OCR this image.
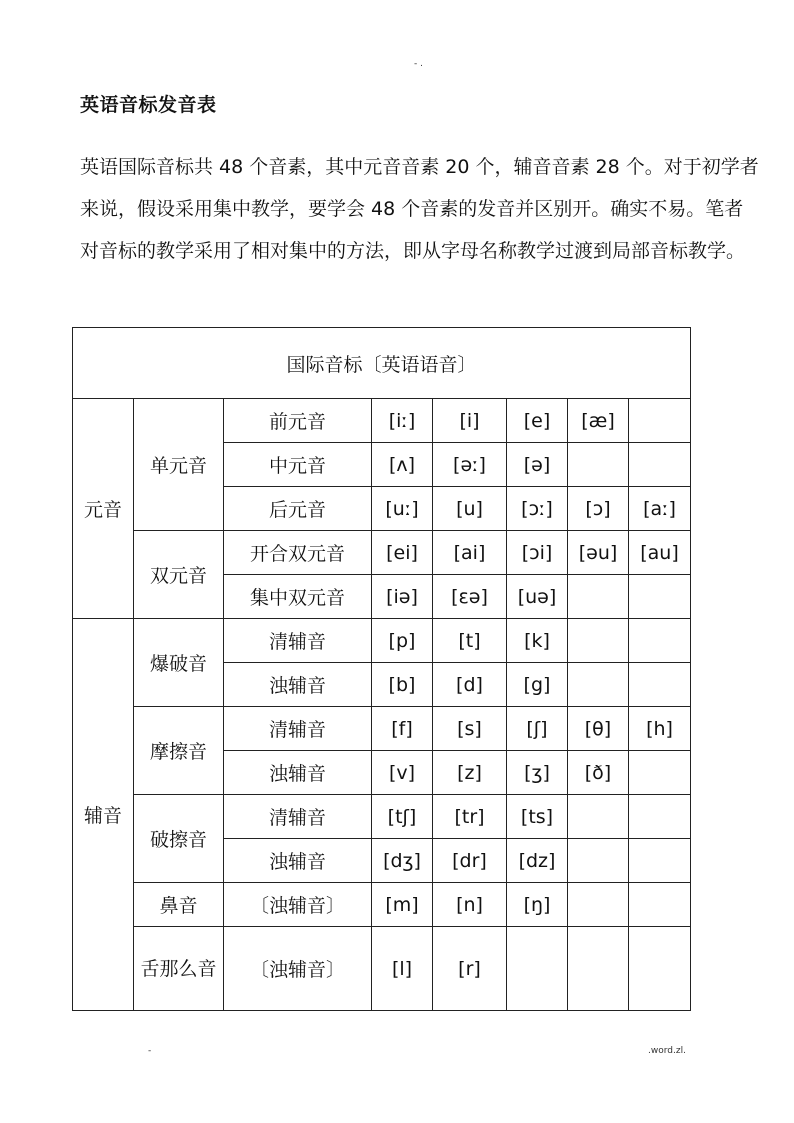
- .
英语音标发音表
英语国际音标共 48 个音素，其中元音音素 20 个，辅音音素 28 个。对于初学者来说，假设采用集中教学，要学会 48 个音素的发音并区别开。确实不易。笔者对音标的教学采用了相对集中的方法，即从字母名称教学过渡到局部音标教学。
国际音标〔英语语音〕							
元音	单元音	前元音	[iː]	[i]	[e]	[æ]	
		中元音	[ʌ]	[əː]	[ə]		
		后元音	[uː]	[u]	[ɔː]	[ɔ]	[aː]
	双元音	开合双元音	[ei]	[ai]	[ɔi]	[əu]	[au]
		集中双元音	[iə]	[εə]	[uə]		
辅音	爆破音	清辅音	[p]	[t]	[k]		
		浊辅音	[b]	[d]	[g]		
	摩擦音	清辅音	[f]	[s]	[ʃ]	[θ]	[h]
		浊辅音	[v]	[z]	[ʒ]	[ð]	
	破擦音	清辅音	[tʃ]	[tr]	[ts]		
		浊辅音	[dʒ]	[dr]	[dz]		
	鼻音	〔浊辅音〕	[m]	[n]	[ŋ]		
	舌那么音	〔浊辅音〕	[l]	[r]			
-	.word.zl.
